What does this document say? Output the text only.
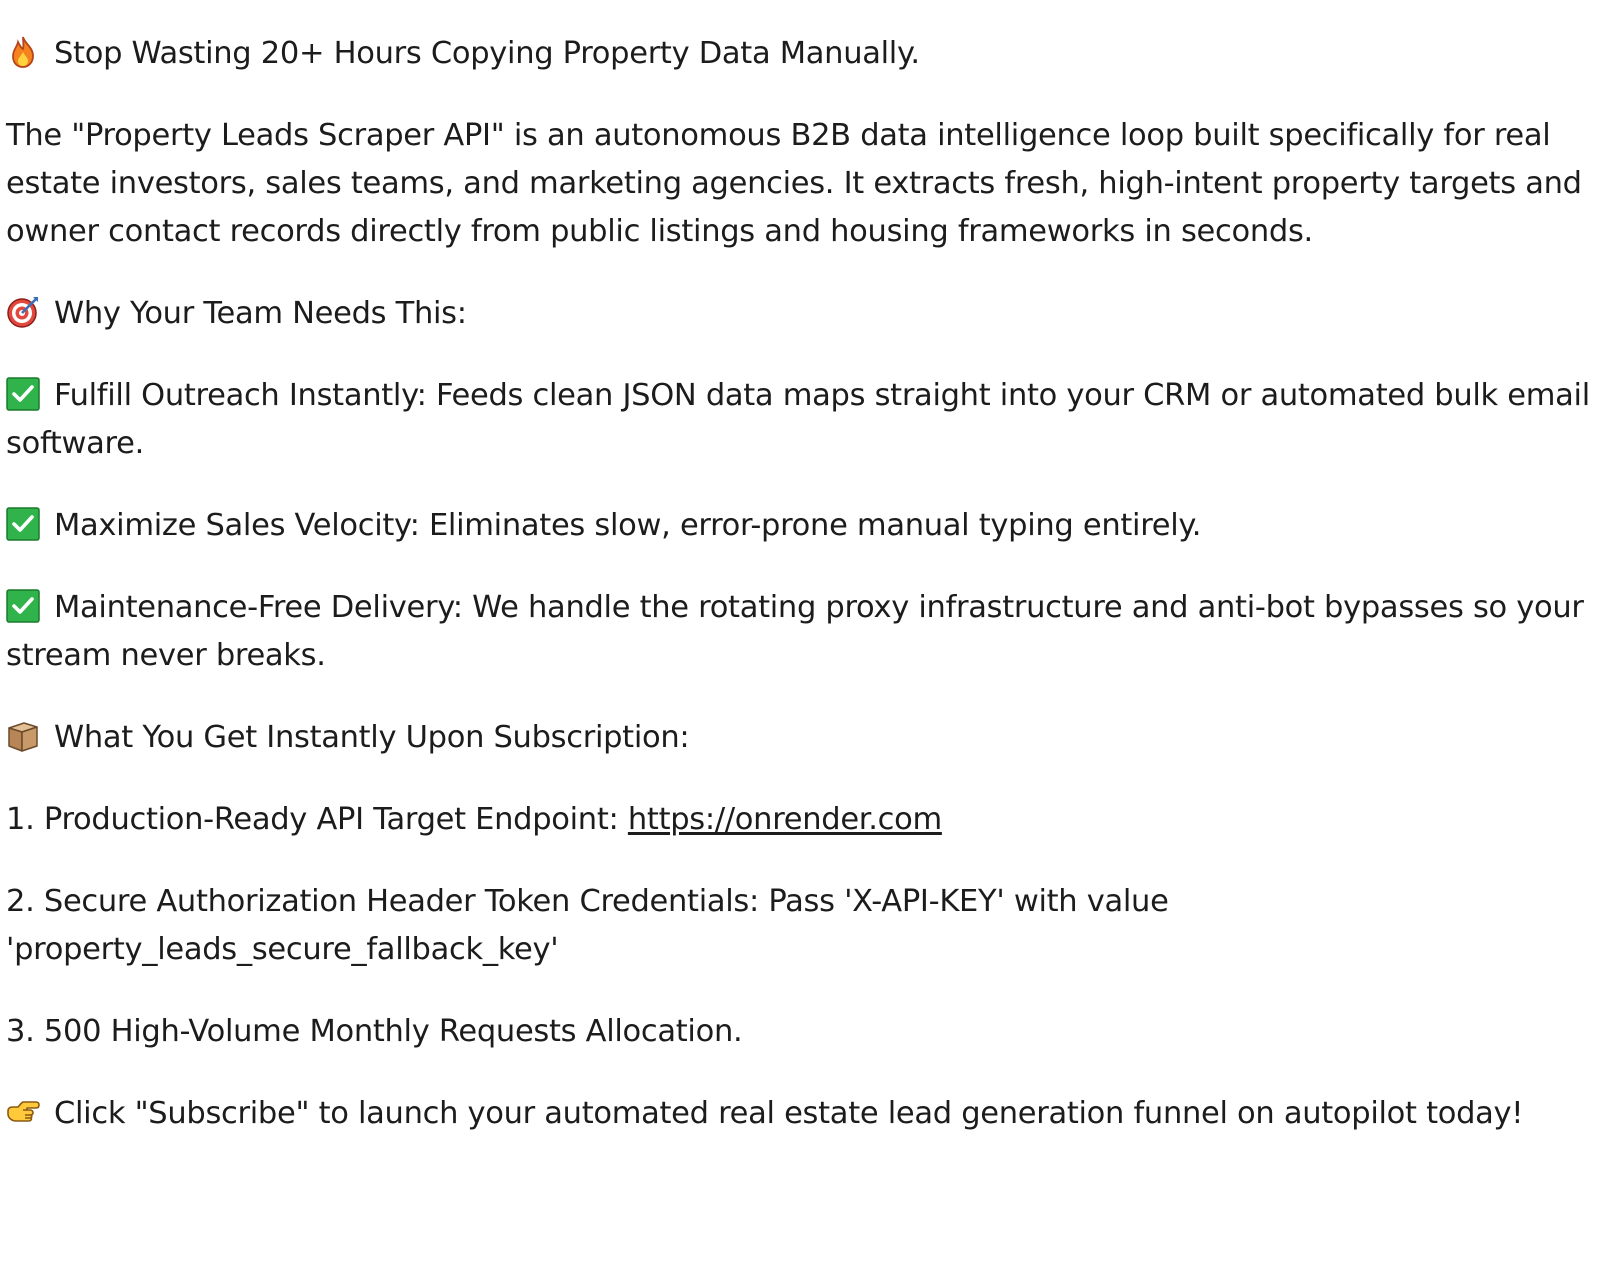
Stop Wasting 20+ Hours Copying Property Data Manually.

The "Property Leads Scraper API" is an autonomous B2B data intelligence loop built specifically for real estate investors, sales teams, and marketing agencies. It extracts fresh, high-intent property targets and owner contact records directly from public listings and housing frameworks in seconds.

Why Your Team Needs This:

Fulfill Outreach Instantly: Feeds clean JSON data maps straight into your CRM or automated bulk email software.

Maximize Sales Velocity: Eliminates slow, error-prone manual typing entirely.

Maintenance-Free Delivery: We handle the rotating proxy infrastructure and anti-bot bypasses so your stream never breaks.

What You Get Instantly Upon Subscription:

1. Production-Ready API Target Endpoint: https://onrender.com

2. Secure Authorization Header Token Credentials: Pass 'X-API-KEY' with value 'property_leads_secure_fallback_key'

3. 500 High-Volume Monthly Requests Allocation.

Click "Subscribe" to launch your automated real estate lead generation funnel on autopilot today!
